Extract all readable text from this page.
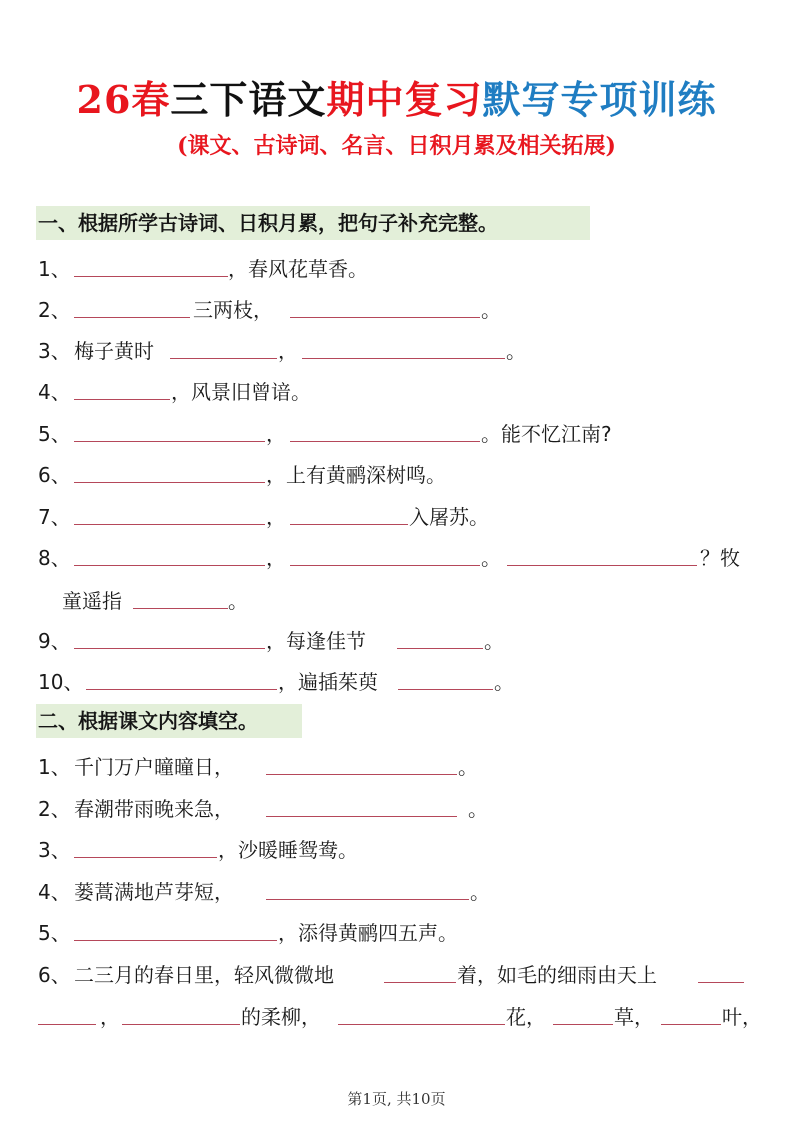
26春三下语文期中复习默写专项训练
(课文、古诗词、名言、日积月累及相关拓展)
一、根据所学古诗词、日积月累，把句子补充完整。
1、	，春风花草香。
2、	三两枝，	。
3、 梅子黄时	，	。
4、	，风景旧曾谙。
5、	，	。能不忆江南?
6、	，上有黄鹂深树鸣。
7、	，	入屠苏。
8、	，	。	？牧
童遥指	。
9、	，每逢佳节	。
10、	，遍插茱萸	。
二、根据课文内容填空。
1、 千门万户曈曈日，	。
2、 春潮带雨晚来急，	。
3、	，沙暖睡鸳鸯。
4、 蒌蒿满地芦芽短，	。
5、	，添得黄鹂四五声。
6、 二三月的春日里，轻风微微地	着，如毛的细雨由天上
，	的柔柳，	花，	草，	叶，
第1页, 共10页
